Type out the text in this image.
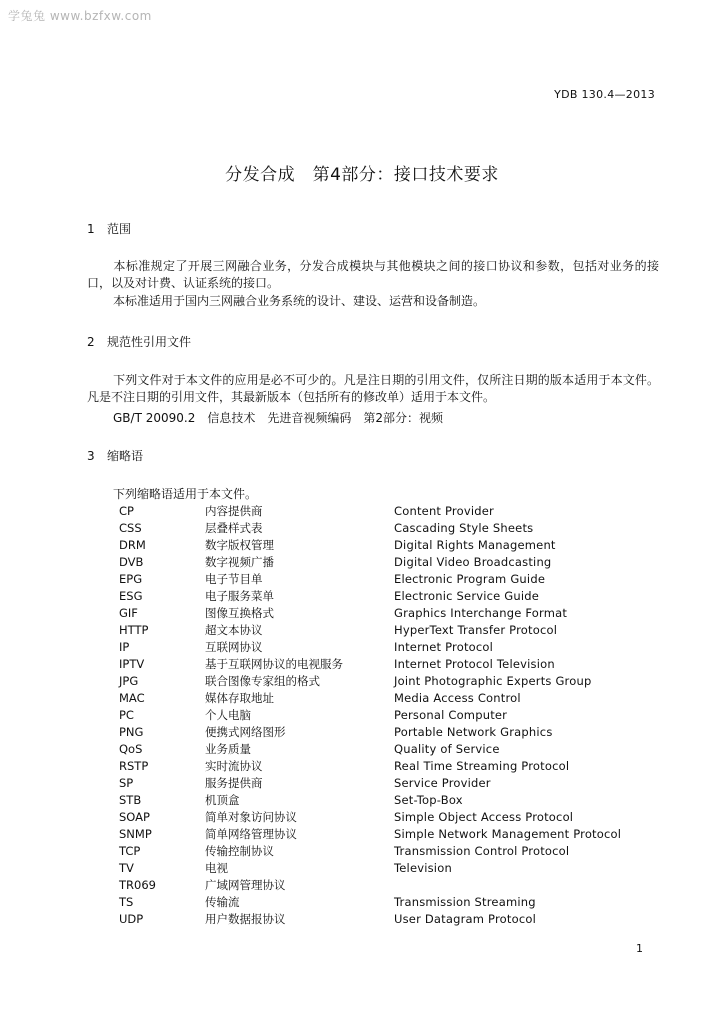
学兔兔 www.bzfxw.com
YDB 130.4—2013
分发合成　第4部分：接口技术要求
1 范围
本标准规定了开展三网融合业务，分发合成模块与其他模块之间的接口协议和参数，包括对业务的接口，以及对计费、认证系统的接口。
本标准适用于国内三网融合业务系统的设计、建设、运营和设备制造。
2 规范性引用文件
下列文件对于本文件的应用是必不可少的。凡是注日期的引用文件，仅所注日期的版本适用于本文件。凡是不注日期的引用文件，其最新版本（包括所有的修改单）适用于本文件。
GB/T 20090.2　信息技术　先进音视频编码　第2部分：视频
3 缩略语
下列缩略语适用于本文件。
CP	内容提供商	Content Provider
CSS	层叠样式表	Cascading Style Sheets
DRM	数字版权管理	Digital Rights Management
DVB	数字视频广播	Digital Video Broadcasting
EPG	电子节目单	Electronic Program Guide
ESG	电子服务菜单	Electronic Service Guide
GIF	图像互换格式	Graphics Interchange Format
HTTP	超文本协议	HyperText Transfer Protocol
IP	互联网协议	Internet Protocol
IPTV	基于互联网协议的电视服务	Internet Protocol Television
JPG	联合图像专家组的格式	Joint Photographic Experts Group
MAC	媒体存取地址	Media Access Control
PC	个人电脑	Personal Computer
PNG	便携式网络图形	Portable Network Graphics
QoS	业务质量	Quality of Service
RSTP	实时流协议	Real Time Streaming Protocol
SP	服务提供商	Service Provider
STB	机顶盒	Set-Top-Box
SOAP	简单对象访问协议	Simple Object Access Protocol
SNMP	简单网络管理协议	Simple Network Management Protocol
TCP	传输控制协议	Transmission Control Protocol
TV	电视	Television
TR069	广域网管理协议
TS	传输流	Transmission Streaming
UDP	用户数据报协议	User Datagram Protocol
1
